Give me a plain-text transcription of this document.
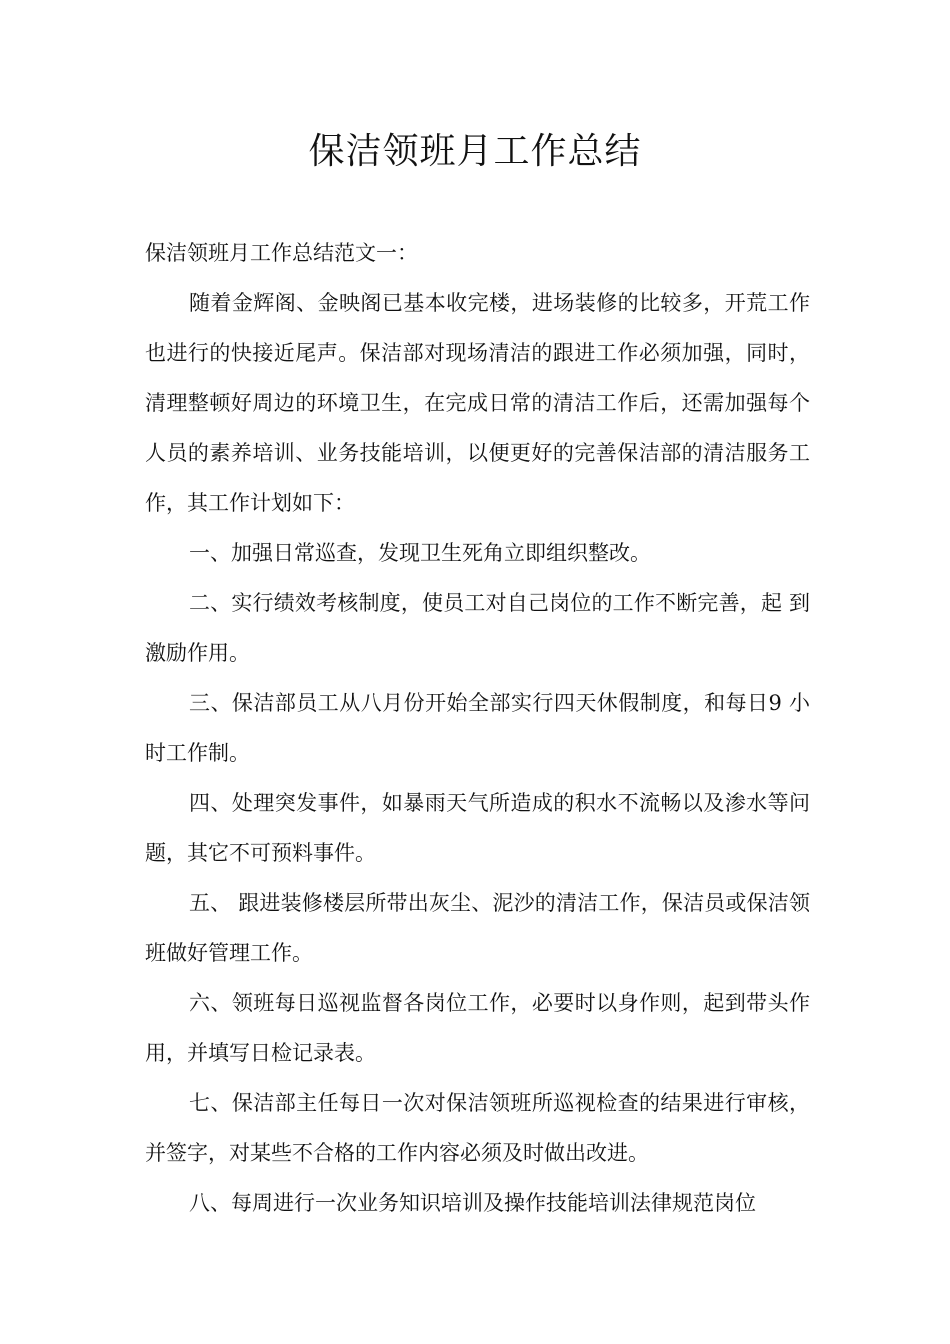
保洁领班月工作总结

保洁领班月工作总结范文一：

随着金辉阁、金映阁已基本收完楼，进场装修的比较多，开荒工作也进行的快接近尾声。保洁部对现场清洁的跟进工作必须加强，同时，清理整顿好周边的环境卫生，在完成日常的清洁工作后，还需加强每个人员的素养培训、业务技能培训，以便更好的完善保洁部的清洁服务工作，其工作计划如下：

一、加强日常巡查，发现卫生死角立即组织整改。

二、实行绩效考核制度，使员工对自己岗位的工作不断完善，起 到激励作用。

三、保洁部员工从八月份开始全部实行四天休假制度，和每日9 小时工作制。

四、处理突发事件，如暴雨天气所造成的积水不流畅以及渗水等问题，其它不可预料事件。

五、 跟进装修楼层所带出灰尘、泥沙的清洁工作，保洁员或保洁领班做好管理工作。

六、领班每日巡视监督各岗位工作，必要时以身作则，起到带头作用，并填写日检记录表。

七、保洁部主任每日一次对保洁领班所巡视检查的结果进行审核， 并签字，对某些不合格的工作内容必须及时做出改进。

八、每周进行一次业务知识培训及操作技能培训法律规范岗位
